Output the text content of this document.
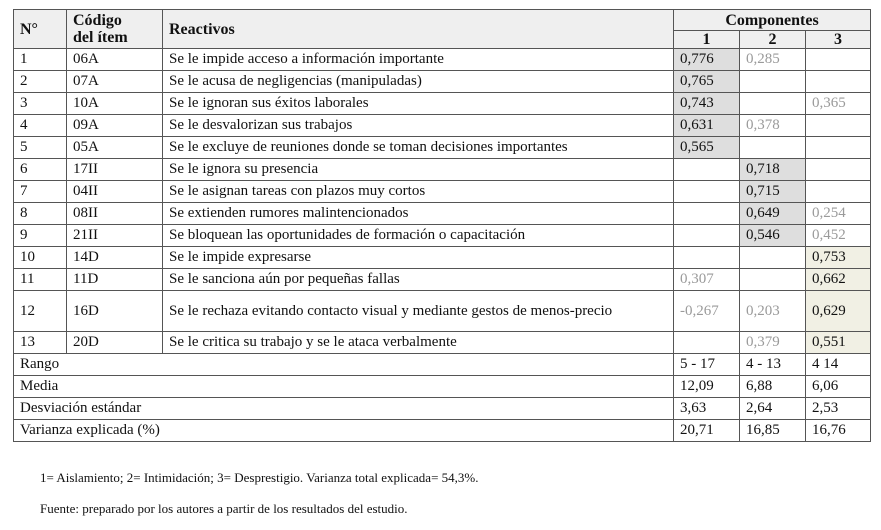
N°	Código
del ítem	Reactivos	Componentes		
			1	2	3
1	06A	Se le impide acceso a información importante	0,776	0,285	
2	07A	Se le acusa de negligencias (manipuladas)	0,765		
3	10A	Se le ignoran sus éxitos laborales	0,743		0,365
4	09A	Se le desvalorizan sus trabajos	0,631	0,378	
5	05A	Se le excluye de reuniones donde se toman decisiones importantes	0,565		
6	17II	Se le ignora su presencia		0,718	
7	04II	Se le asignan tareas con plazos muy cortos		0,715	
8	08II	Se extienden rumores malintencionados		0,649	0,254
9	21II	Se bloquean las oportunidades de formación o capacitación		0,546	0,452
10	14D	Se le impide expresarse			0,753
11	11D	Se le sanciona aún por pequeñas fallas	0,307		0,662
12	16D	Se le rechaza evitando contacto visual y mediante gestos de menos-precio	-0,267	0,203	0,629
13	20D	Se le critica su trabajo y se le ataca verbalmente		0,379	0,551
Rango			5 - 17	4 - 13	4 14
Media			12,09	6,88	6,06
Desviación estándar			3,63	2,64	2,53
Varianza explicada (%)			20,71	16,85	16,76
1= Aislamiento; 2= Intimidación; 3= Desprestigio. Varianza total explicada= 54,3%.
Fuente: preparado por los autores a partir de los resultados del estudio.
